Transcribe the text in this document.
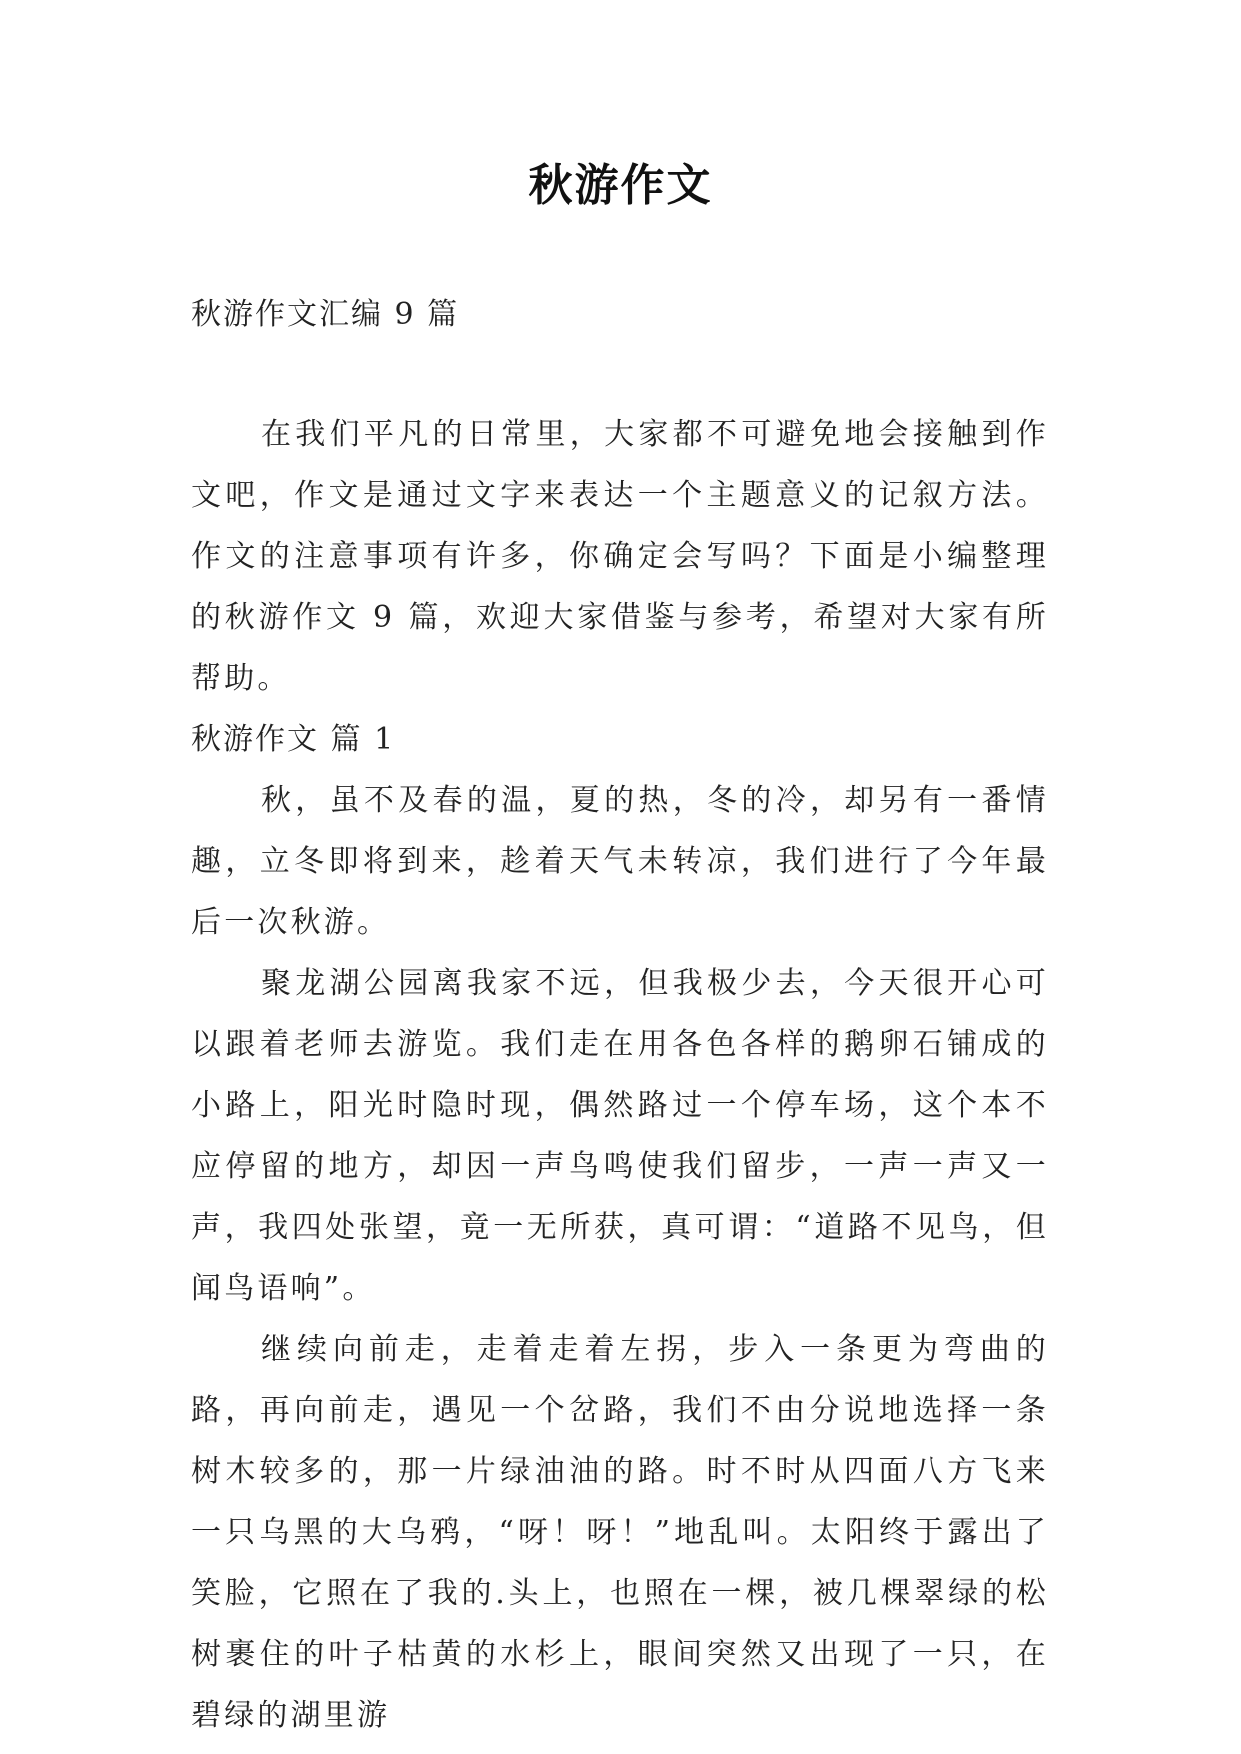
秋游作文
秋游作文汇编 9 篇

在我们平凡的日常里，大家都不可避免地会接触到作文吧，作文是通过文字来表达一个主题意义的记叙方法。作文的注意事项有许多，你确定会写吗？下面是小编整理的秋游作文 9 篇，欢迎大家借鉴与参考，希望对大家有所帮助。

秋游作文 篇 1

秋，虽不及春的温，夏的热，冬的冷，却另有一番情趣，立冬即将到来，趁着天气未转凉，我们进行了今年最后一次秋游。

聚龙湖公园离我家不远，但我极少去，今天很开心可以跟着老师去游览。我们走在用各色各样的鹅卵石铺成的小路上，阳光时隐时现，偶然路过一个停车场，这个本不应停留的地方，却因一声鸟鸣使我们留步，一声一声又一声，我四处张望，竟一无所获，真可谓：“道路不见鸟，但闻鸟语响”。

继续向前走，走着走着左拐，步入一条更为弯曲的路，再向前走，遇见一个岔路，我们不由分说地选择一条树木较多的，那一片绿油油的路。时不时从四面八方飞来一只乌黑的大乌鸦，“呀！呀！”地乱叫。太阳终于露出了笑脸，它照在了我的.头上，也照在一棵，被几棵翠绿的松树裹住的叶子枯黄的水杉上，眼间突然又出现了一只，在碧绿的湖里游
